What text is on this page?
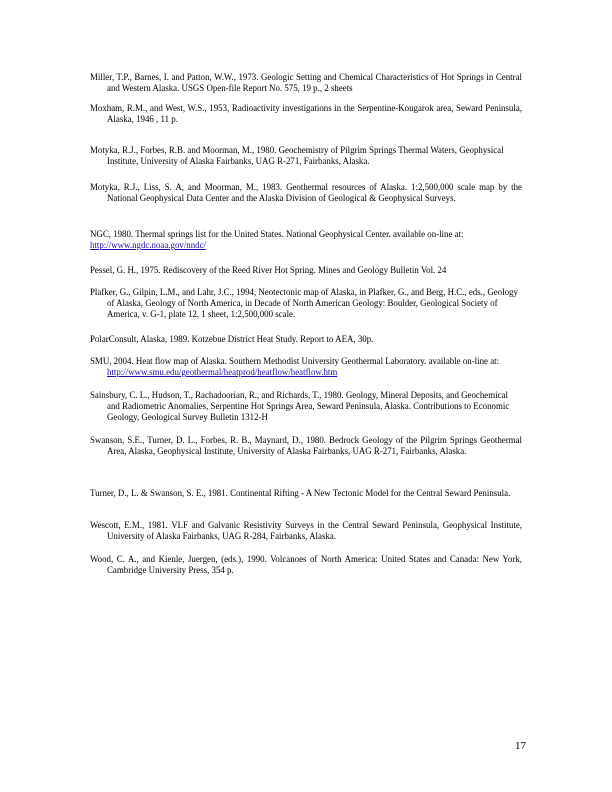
Miller, T.P., Barnes, I. and Patton, W.W., 1973. Geologic Setting and Chemical Characteristics of Hot Springs in Central and Western Alaska. USGS Open-file Report No. 575, 19 p., 2 sheets

Moxham, R.M., and West, W.S., 1953, Radioactivity investigations in the Serpentine-Kougarok area, Seward Peninsula, Alaska, 1946 , 11 p.

Motyka, R.J., Forbes, R.B. and Moorman, M., 1980. Geochemistry of Pilgrim Springs Thermal Waters, Geophysical Institute, University of Alaska Fairbanks, UAG R-271, Fairbanks, Alaska.

Motyka, R.J., Liss, S. A, and Moorman, M., 1983. Geothermal resources of Alaska. 1:2,500,000 scale map by the National Geophysical Data Center and the Alaska Division of Geological & Geophysical Surveys.

NGC, 1980. Thermal springs list for the United States. National Geophysical Center. available on-line at:
http://www.ngdc.noaa.gov/nndc/

Pessel, G. H., 1975. Rediscovery of the Reed River Hot Spring. Mines and Geology Bulletin Vol. 24

Plafker, G., Gilpin, L.M., and Lahr, J.C., 1994, Neotectonic map of Alaska, in Plafker, G., and Berg, H.C., eds., Geology of Alaska, Geology of North America, in Decade of North American Geology: Boulder, Geological Society of America, v. G-1, plate 12, 1 sheet, 1:2,500,000 scale.

PolarConsult, Alaska, 1989. Kotzebue District Heat Study. Report to AEA, 30p.

SMU, 2004. Heat flow map of Alaska. Southern Methodist University Geothermal Laboratory. available on-line at: http://www.smu.edu/geothermal/heatprod/heatflow/heatflow.htm

Sainsbury, C. L., Hudson, T., Rachadoorian, R., and Richards, T., 1980. Geology, Mineral Deposits, and Geochemical and Radiometric Anomalies, Serpentine Hot Springs Area, Seward Peninsula, Alaska. Contributions to Economic Geology, Geological Survey Bulletin 1312-H

Swanson, S.E., Turner, D. L., Forbes, R. B., Maynard, D., 1980. Bedrock Geology of the Pilgrim Springs Geothermal Area, Alaska, Geophysical Institute, University of Alaska Fairbanks, UAG R-271, Fairbanks, Alaska.

Turner, D., L. & Swanson, S. E., 1981. Continental Rifting - A New Tectonic Model for the Central Seward Peninsula.

Wescott, E.M., 1981. VLF and Galvanic Resistivity Surveys in the Central Seward Peninsula, Geophysical Institute, University of Alaska Fairbanks, UAG R-284, Fairbanks, Alaska.

Wood, C. A., and Kienle, Juergen, (eds.), 1990. Volcanoes of North America: United States and Canada: New York, Cambridge University Press, 354 p.

17
